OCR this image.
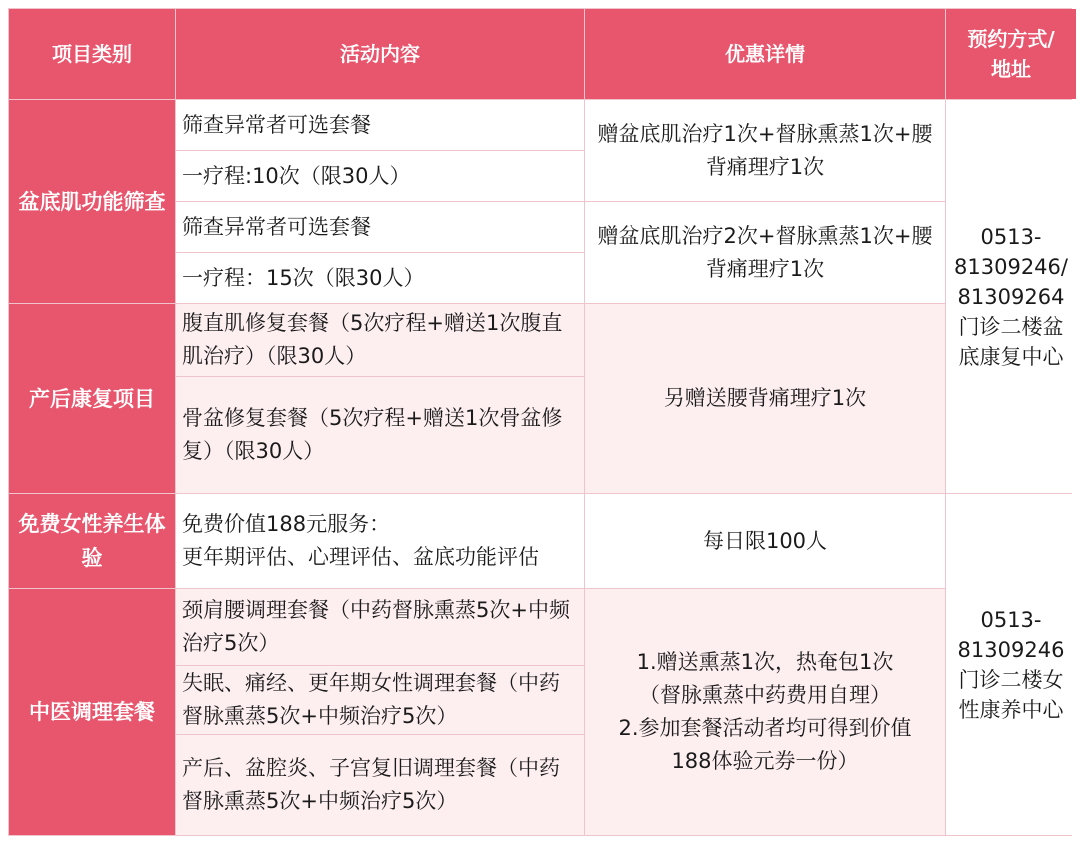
项目类别	活动内容	优惠详情
预约方式/
地址
盆底肌功能筛查
筛查异常者可选套餐
一疗程:10次（限30人）
筛查异常者可选套餐
一疗程：15次（限30人）
赠盆底肌治疗1次+督脉熏蒸1次+腰背痛理疗1次
赠盆底肌治疗2次+督脉熏蒸1次+腰背痛理疗1次
0513-
81309246/
81309264
门诊二楼盆
底康复中心
产后康复项目
腹直肌修复套餐（5次疗程+赠送1次腹直肌治疗）（限30人）
骨盆修复套餐（5次疗程+赠送1次骨盆修复）（限30人）
另赠送腰背痛理疗1次
免费女性养生体验
免费价值188元服务：
更年期评估、心理评估、盆底功能评估
每日限100人
0513-
81309246
门诊二楼女
性康养中心
中医调理套餐
颈肩腰调理套餐（中药督脉熏蒸5次+中频治疗5次）
失眠、痛经、更年期女性调理套餐（中药督脉熏蒸5次+中频治疗5次）
产后、盆腔炎、子宫复旧调理套餐（中药督脉熏蒸5次+中频治疗5次）
1.赠送熏蒸1次，热奄包1次
（督脉熏蒸中药费用自理）
2.参加套餐活动者均可得到价值
188体验元券一份）
